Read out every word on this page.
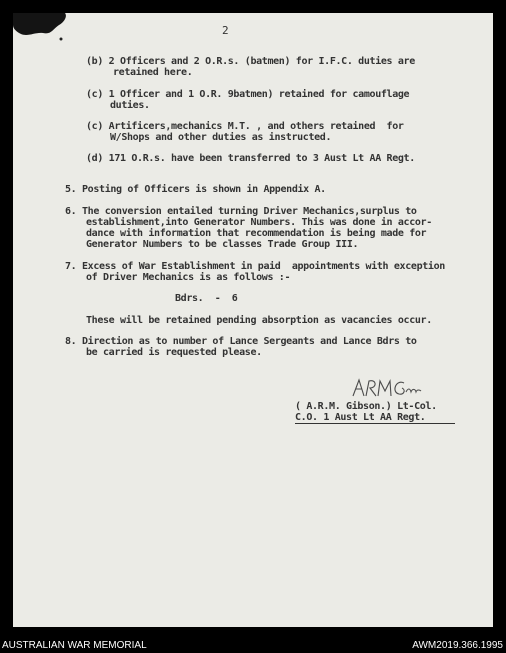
2
(b) 2 Officers and 2 O.R.s. (batmen) for I.F.C. duties are
retained here.
(c) 1 Officer and 1 O.R. 9batmen) retained for camouflage
duties.
(c) Artificers,mechanics M.T. , and others retained  for
W/Shops and other duties as instructed.
(d) 171 O.R.s. have been transferred to 3 Aust Lt AA Regt.
5. Posting of Officers is shown in Appendix A.
6. The conversion entailed turning Driver Mechanics,surplus to
establishment,into Generator Numbers. This was done in accor-
dance with information that recommendation is being made for
Generator Numbers to be classes Trade Group III.
7. Excess of War Establishment in paid  appointments with exception
of Driver Mechanics is as follows :-
Bdrs.  -  6
These will be retained pending absorption as vacancies occur.
8. Direction as to number of Lance Sergeants and Lance Bdrs to
be carried is requested please.
( A.R.M. Gibson.) Lt-Col.
C.O. 1 Aust Lt AA Regt.
AUSTRALIAN WAR MEMORIAL	AWM2019.366.1995
